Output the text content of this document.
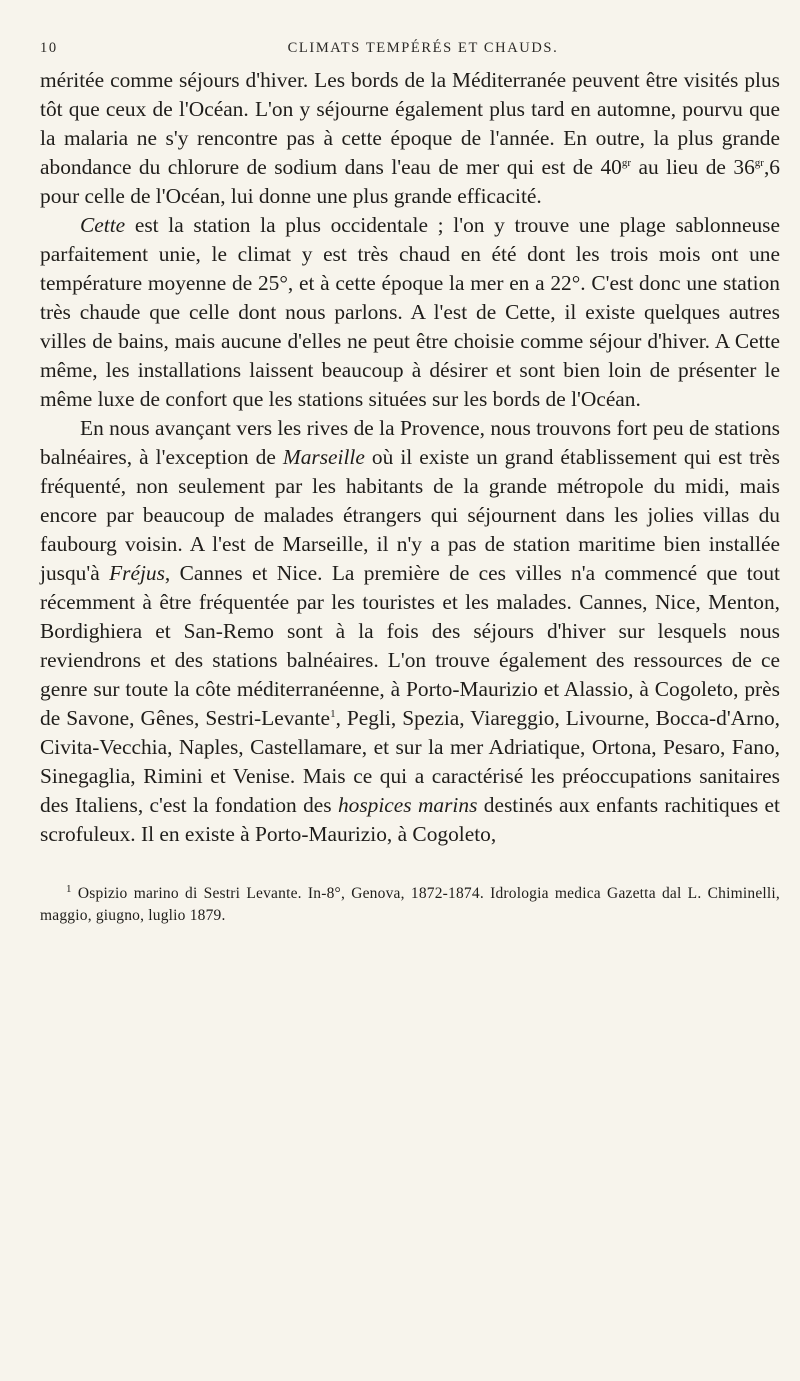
10	CLIMATS TEMPÉRÉS ET CHAUDS.

méritée comme séjours d'hiver. Les bords de la Méditerranée peuvent être visités plus tôt que ceux de l'Océan. L'on y séjourne également plus tard en automne, pourvu que la malaria ne s'y rencontre pas à cette époque de l'année. En outre, la plus grande abondance du chlorure de sodium dans l'eau de mer qui est de $40^{gr}$ au lieu de $36^{gr},6$ pour celle de l'Océan, lui donne une plus grande efficacité.

Cette est la station la plus occidentale ; l'on y trouve une plage sablonneuse parfaitement unie, le climat y est très chaud en été dont les trois mois ont une température moyenne de 25°, et à cette époque la mer en a 22°. C'est donc une station très chaude que celle dont nous parlons. A l'est de Cette, il existe quelques autres villes de bains, mais aucune d'elles ne peut être choisie comme séjour d'hiver. A Cette même, les installations laissent beaucoup à désirer et sont bien loin de présenter le même luxe de confort que les stations situées sur les bords de l'Océan.

En nous avançant vers les rives de la Provence, nous trouvons fort peu de stations balnéaires, à l'exception de Marseille où il existe un grand établissement qui est très fréquenté, non seulement par les habitants de la grande métropole du midi, mais encore par beaucoup de malades étrangers qui séjournent dans les jolies villas du faubourg voisin. A l'est de Marseille, il n'y a pas de station maritime bien installée jusqu'à Fréjus, Cannes et Nice. La première de ces villes n'a commencé que tout récemment à être fréquentée par les touristes et les malades. Cannes, Nice, Menton, Bordighiera et San-Remo sont à la fois des séjours d'hiver sur lesquels nous reviendrons et des stations balnéaires. L'on trouve également des ressources de ce genre sur toute la côte méditerranéenne, à Porto-Maurizio et Alassio, à Cogoleto, près de Savone, Gênes, Sestri-Levante$^1$, Pegli, Spezia, Viareggio, Livourne, Bocca-d'Arno, Civita-Vecchia, Naples, Castellamare, et sur la mer Adriatique, Ortona, Pesaro, Fano, Sinegaglia, Rimini et Venise. Mais ce qui a caractérisé les préoccupations sanitaires des Italiens, c'est la fondation des hospices marins destinés aux enfants rachitiques et scrofuleux. Il en existe à Porto-Maurizio, à Cogoleto,

$^1$ Ospizio marino di Sestri Levante. In-8°, Genova, 1872-1874. Idrologia medica Gazetta dal L. Chiminelli, maggio, giugno, luglio 1879.
